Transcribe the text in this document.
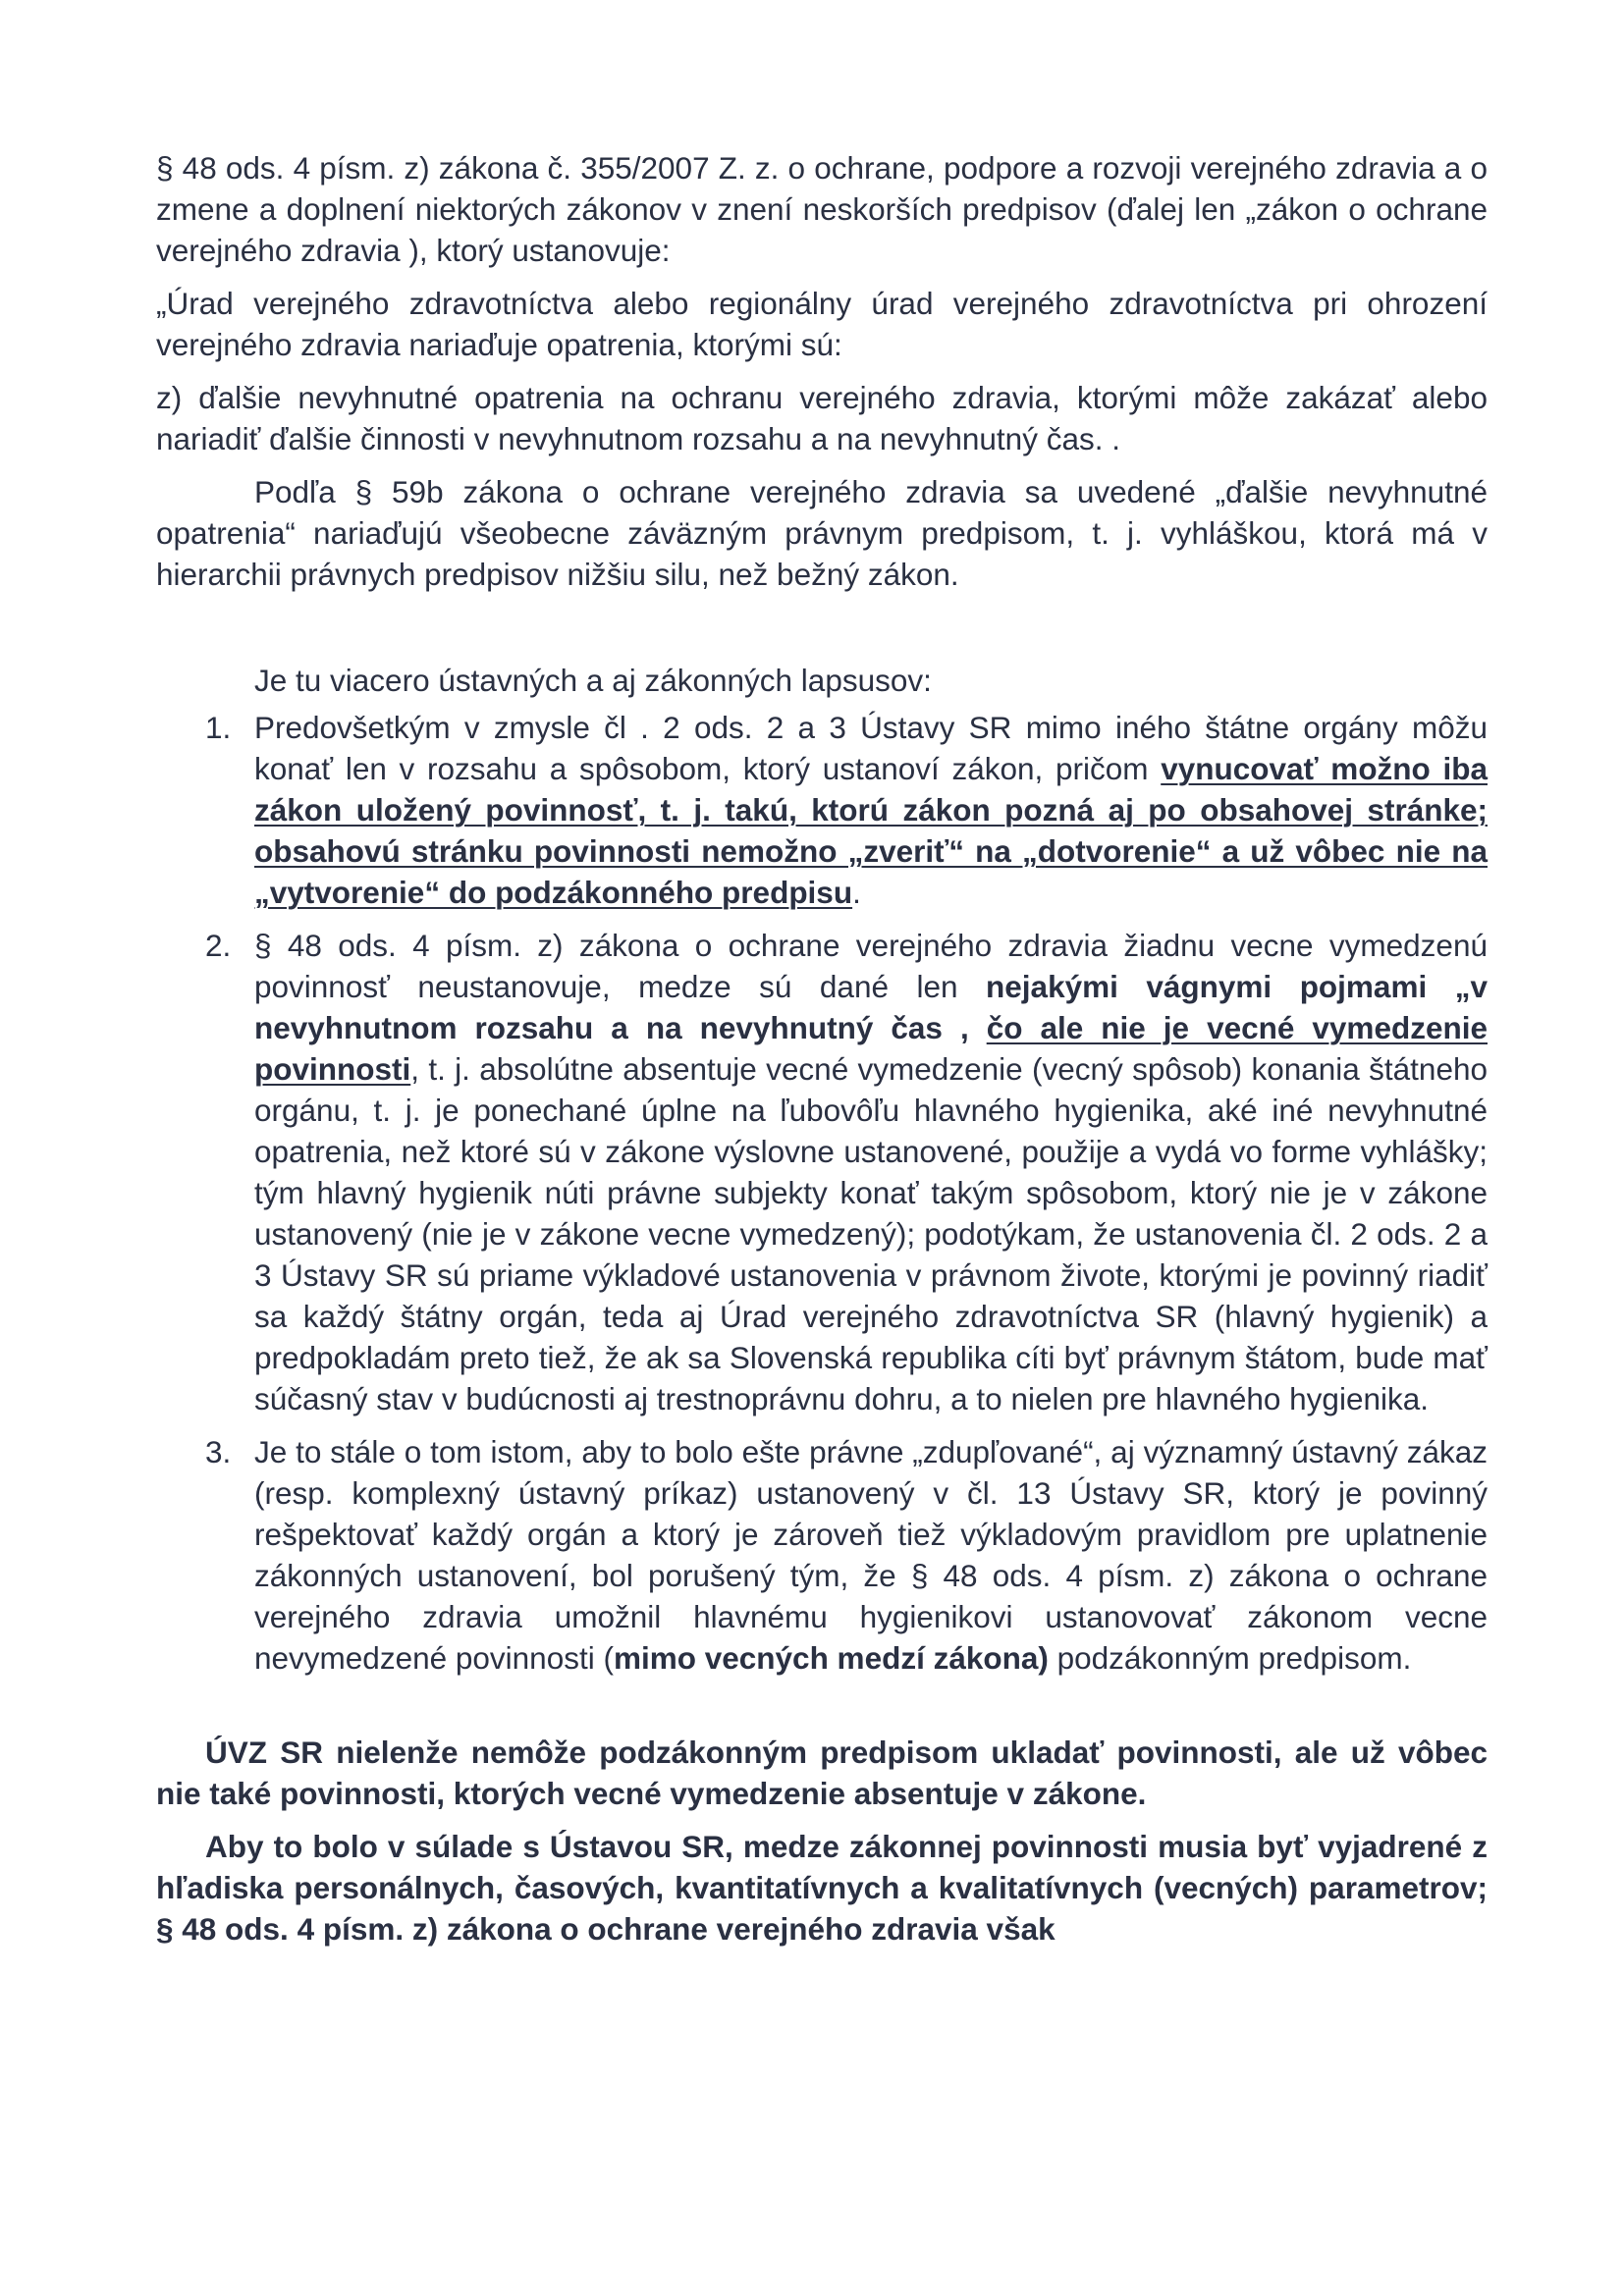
§ 48 ods. 4 písm. z) zákona č. 355/2007 Z. z. o ochrane, podpore a rozvoji verejného zdravia a o zmene a doplnení niektorých zákonov v znení neskorších predpisov (ďalej len „zákon o ochrane verejného zdravia ), ktorý ustanovuje:

„Úrad verejného zdravotníctva alebo regionálny úrad verejného zdravotníctva pri ohrození verejného zdravia nariaďuje opatrenia, ktorými sú:

z) ďalšie nevyhnutné opatrenia na ochranu verejného zdravia, ktorými môže zakázať alebo nariadiť ďalšie činnosti v nevyhnutnom rozsahu a na nevyhnutný čas. .

Podľa § 59b zákona o ochrane verejného zdravia sa uvedené „ďalšie nevyhnutné opatrenia“ nariaďujú všeobecne záväzným právnym predpisom, t. j. vyhláškou, ktorá má v hierarchii právnych predpisov nižšiu silu, než bežný zákon.

Je tu viacero ústavných a aj zákonných lapsusov:

1. Predovšetkým v zmysle čl . 2 ods. 2 a 3 Ústavy SR mimo iného štátne orgány môžu konať len v rozsahu a spôsobom, ktorý ustanoví zákon, pričom vynucovať možno iba zákon uložený povinnosť, t. j. takú, ktorú zákon pozná aj po obsahovej stránke; obsahovú stránku povinnosti nemožno „zveriť“ na „dotvorenie“ a už vôbec nie na „vytvorenie“ do podzákonného predpisu.

2. § 48 ods. 4 písm. z) zákona o ochrane verejného zdravia žiadnu vecne vymedzenú povinnosť neustanovuje, medze sú dané len nejakými vágnymi pojmami „v nevyhnutnom rozsahu a na nevyhnutný čas , čo ale nie je vecné vymedzenie povinnosti, t. j. absolútne absentuje vecné vymedzenie (vecný spôsob) konania štátneho orgánu, t. j. je ponechané úplne na ľubovôľu hlavného hygienika, aké iné nevyhnutné opatrenia, než ktoré sú v zákone výslovne ustanovené, použije a vydá vo forme vyhlášky; tým hlavný hygienik núti právne subjekty konať takým spôsobom, ktorý nie je v zákone ustanovený (nie je v zákone vecne vymedzený); podotýkam, že ustanovenia čl. 2 ods. 2 a 3 Ústavy SR sú priame výkladové ustanovenia v právnom živote, ktorými je povinný riadiť sa každý štátny orgán, teda aj Úrad verejného zdravotníctva SR (hlavný hygienik) a predpokladám preto tiež, že ak sa Slovenská republika cíti byť právnym štátom, bude mať súčasný stav v budúcnosti aj trestnoprávnu dohru, a to nielen pre hlavného hygienika.

3. Je to stále o tom istom, aby to bolo ešte právne „zdupľované“, aj významný ústavný zákaz (resp. komplexný ústavný príkaz) ustanovený v čl. 13 Ústavy SR, ktorý je povinný rešpektovať každý orgán a ktorý je zároveň tiež výkladovým pravidlom pre uplatnenie zákonných ustanovení, bol porušený tým, že § 48 ods. 4 písm. z) zákona o ochrane verejného zdravia umožnil hlavnému hygienikovi ustanovovať zákonom vecne nevymedzené povinnosti (mimo vecných medzí zákona) podzákonným predpisom.

ÚVZ SR nielenže nemôže podzákonným predpisom ukladať povinnosti, ale už vôbec nie také povinnosti, ktorých vecné vymedzenie absentuje v zákone.

Aby to bolo v súlade s Ústavou SR, medze zákonnej povinnosti musia byť vyjadrené z hľadiska personálnych, časových, kvantitatívnych a kvalitatívnych (vecných) parametrov; § 48 ods. 4 písm. z) zákona o ochrane verejného zdravia však
